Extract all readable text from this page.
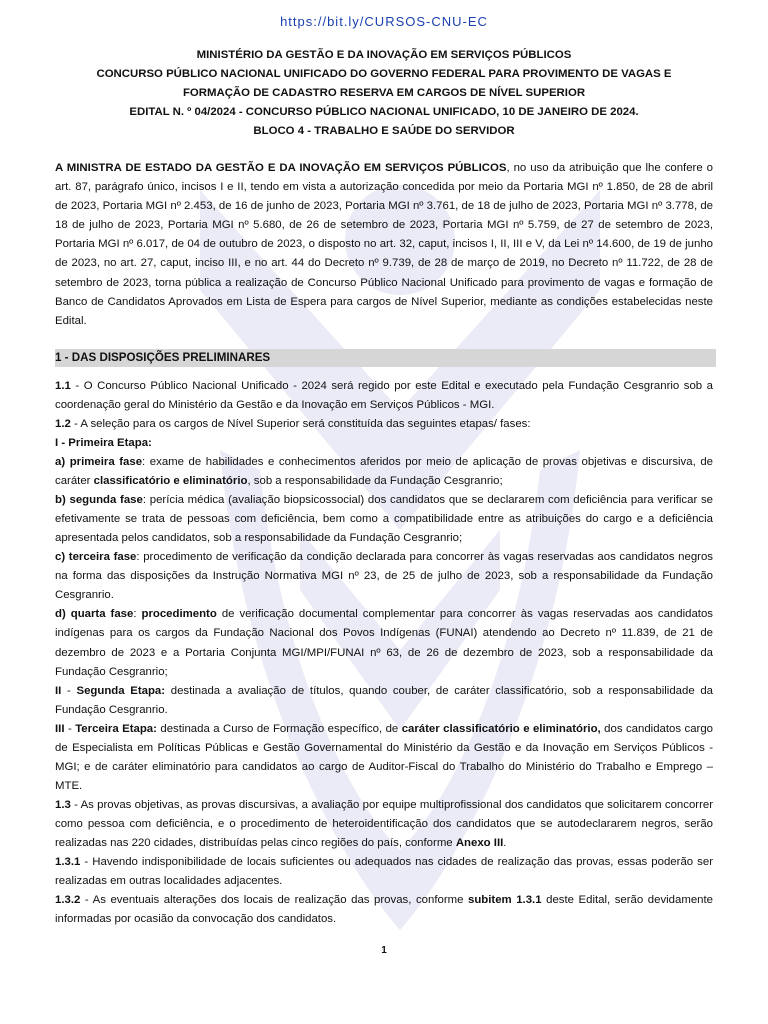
https://bit.ly/CURSOS-CNU-EC
MINISTÉRIO DA GESTÃO E DA INOVAÇÃO EM SERVIÇOS PÚBLICOS
CONCURSO PÚBLICO NACIONAL UNIFICADO DO GOVERNO FEDERAL PARA PROVIMENTO DE VAGAS E
FORMAÇÃO DE CADASTRO RESERVA EM CARGOS DE NÍVEL SUPERIOR
EDITAL N. º 04/2024 - CONCURSO PÚBLICO NACIONAL UNIFICADO, 10 DE JANEIRO DE 2024.
BLOCO 4 - TRABALHO E SAÚDE DO SERVIDOR
A MINISTRA DE ESTADO DA GESTÃO E DA INOVAÇÃO EM SERVIÇOS PÚBLICOS, no uso da atribuição que lhe confere o art. 87, parágrafo único, incisos I e II, tendo em vista a autorização concedida por meio da Portaria MGI nº 1.850, de 28 de abril de 2023, Portaria MGI nº 2.453, de 16 de junho de 2023, Portaria MGI nº 3.761, de 18 de julho de 2023, Portaria MGI nº 3.778, de 18 de julho de 2023, Portaria MGI nº 5.680, de 26 de setembro de 2023, Portaria MGI nº 5.759, de 27 de setembro de 2023, Portaria MGI nº 6.017, de 04 de outubro de 2023, o disposto no art. 32, caput, incisos I, II, III e V, da Lei nº 14.600, de 19 de junho de 2023, no art. 27, caput, inciso III, e no art. 44 do Decreto nº 9.739, de 28 de março de 2019, no Decreto nº 11.722, de 28 de setembro de 2023, torna pública a realização de Concurso Público Nacional Unificado para provimento de vagas e formação de Banco de Candidatos Aprovados em Lista de Espera para cargos de Nível Superior, mediante as condições estabelecidas neste Edital.
1 - DAS DISPOSIÇÕES PRELIMINARES

1.1 - O Concurso Público Nacional Unificado - 2024 será regido por este Edital e executado pela Fundação Cesgranrio sob a coordenação geral do Ministério da Gestão e da Inovação em Serviços Públicos - MGI.

1.2 - A seleção para os cargos de Nível Superior será constituída das seguintes etapas/ fases:

I - Primeira Etapa:

a) primeira fase: exame de habilidades e conhecimentos aferidos por meio de aplicação de provas objetivas e discursiva, de caráter classificatório e eliminatório, sob a responsabilidade da Fundação Cesgranrio;

b) segunda fase: perícia médica (avaliação biopsicossocial) dos candidatos que se declararem com deficiência para verificar se efetivamente se trata de pessoas com deficiência, bem como a compatibilidade entre as atribuições do cargo e a deficiência apresentada pelos candidatos, sob a responsabilidade da Fundação Cesgranrio;

c) terceira fase: procedimento de verificação da condição declarada para concorrer às vagas reservadas aos candidatos negros na forma das disposições da Instrução Normativa MGI nº 23, de 25 de julho de 2023, sob a responsabilidade da Fundação Cesgranrio.

d) quarta fase: procedimento de verificação documental complementar para concorrer às vagas reservadas aos candidatos indígenas para os cargos da Fundação Nacional dos Povos Indígenas (FUNAI) atendendo ao Decreto nº 11.839, de 21 de dezembro de 2023 e a Portaria Conjunta MGI/MPI/FUNAI nº 63, de 26 de dezembro de 2023, sob a responsabilidade da Fundação Cesgranrio;

II - Segunda Etapa: destinada a avaliação de títulos, quando couber, de caráter classificatório, sob a responsabilidade da Fundação Cesgranrio.

III - Terceira Etapa: destinada a Curso de Formação específico, de caráter classificatório e eliminatório, dos candidatos cargo de Especialista em Políticas Públicas e Gestão Governamental do Ministério da Gestão e da Inovação em Serviços Públicos - MGI; e de caráter eliminatório para candidatos ao cargo de Auditor-Fiscal do Trabalho do Ministério do Trabalho e Emprego – MTE.

1.3 - As provas objetivas, as provas discursivas, a avaliação por equipe multiprofissional dos candidatos que solicitarem concorrer como pessoa com deficiência, e o procedimento de heteroidentificação dos candidatos que se autodeclararem negros, serão realizadas nas 220 cidades, distribuídas pelas cinco regiões do país, conforme Anexo III.

1.3.1 - Havendo indisponibilidade de locais suficientes ou adequados nas cidades de realização das provas, essas poderão ser realizadas em outras localidades adjacentes.

1.3.2 - As eventuais alterações dos locais de realização das provas, conforme subitem 1.3.1 deste Edital, serão devidamente informadas por ocasião da convocação dos candidatos.

1
